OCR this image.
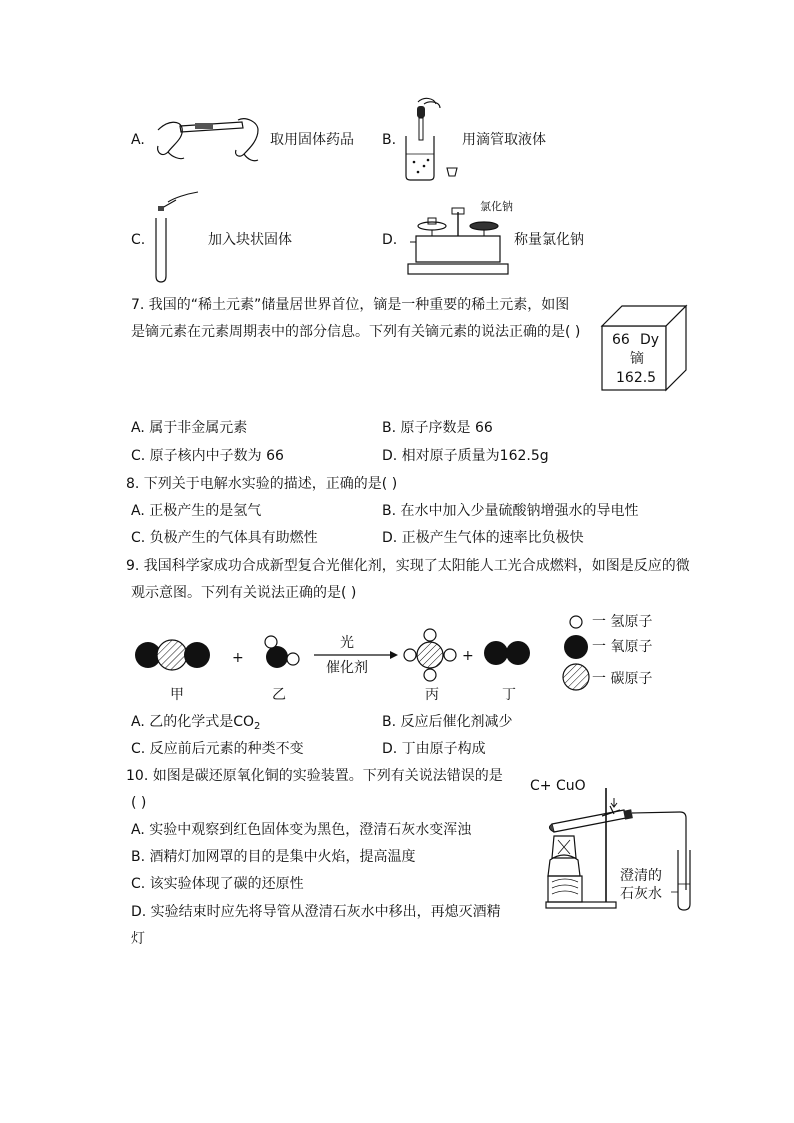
A.	取用固体药品 B.	用滴管取液体
C.	加入块状固体	D.
氯化钠
称量氯化钠
7. 我国的“稀土元素”储量居世界首位，镝是一种重要的稀土元素，如图
是镝元素在元素周期表中的部分信息。下列有关镝元素的说法正确的是( ) 66 Dy
镝
162.5
A. 属于非金属元素	B. 原子序数是 66
C. 原子核内中子数为 66	D. 相对原子质量为162.5g
8. 下列关于电解水实验的描述，正确的是( )
A. 正极产生的是氢气	B. 在水中加入少量硫酸钠增强水的导电性
C. 负极产生的气体具有助燃性	D. 正极产生气体的速率比负极快
9. 我国科学家成功合成新型复合光催化剂，实现了太阳能人工光合成燃料，如图是反应的微
观示意图。下列有关说法正确的是( )
+	+
光
催化剂
甲	乙	丙	丁
一 氢原子
一 氧原子
一 碳原子
A. 乙的化学式是$CO_2$	B. 反应后催化剂减少
C. 反应前后元素的种类不变	D. 丁由原子构成
10. 如图是碳还原氧化铜的实验装置。下列有关说法错误的是
( )
A. 实验中观察到红色固体变为黑色，澄清石灰水变浑浊
B. 酒精灯加网罩的目的是集中火焰，提高温度
C. 该实验体现了碳的还原性
D. 实验结束时应先将导管从澄清石灰水中移出，再熄灭酒精
灯
C+ CuO
澄清的
石灰水
